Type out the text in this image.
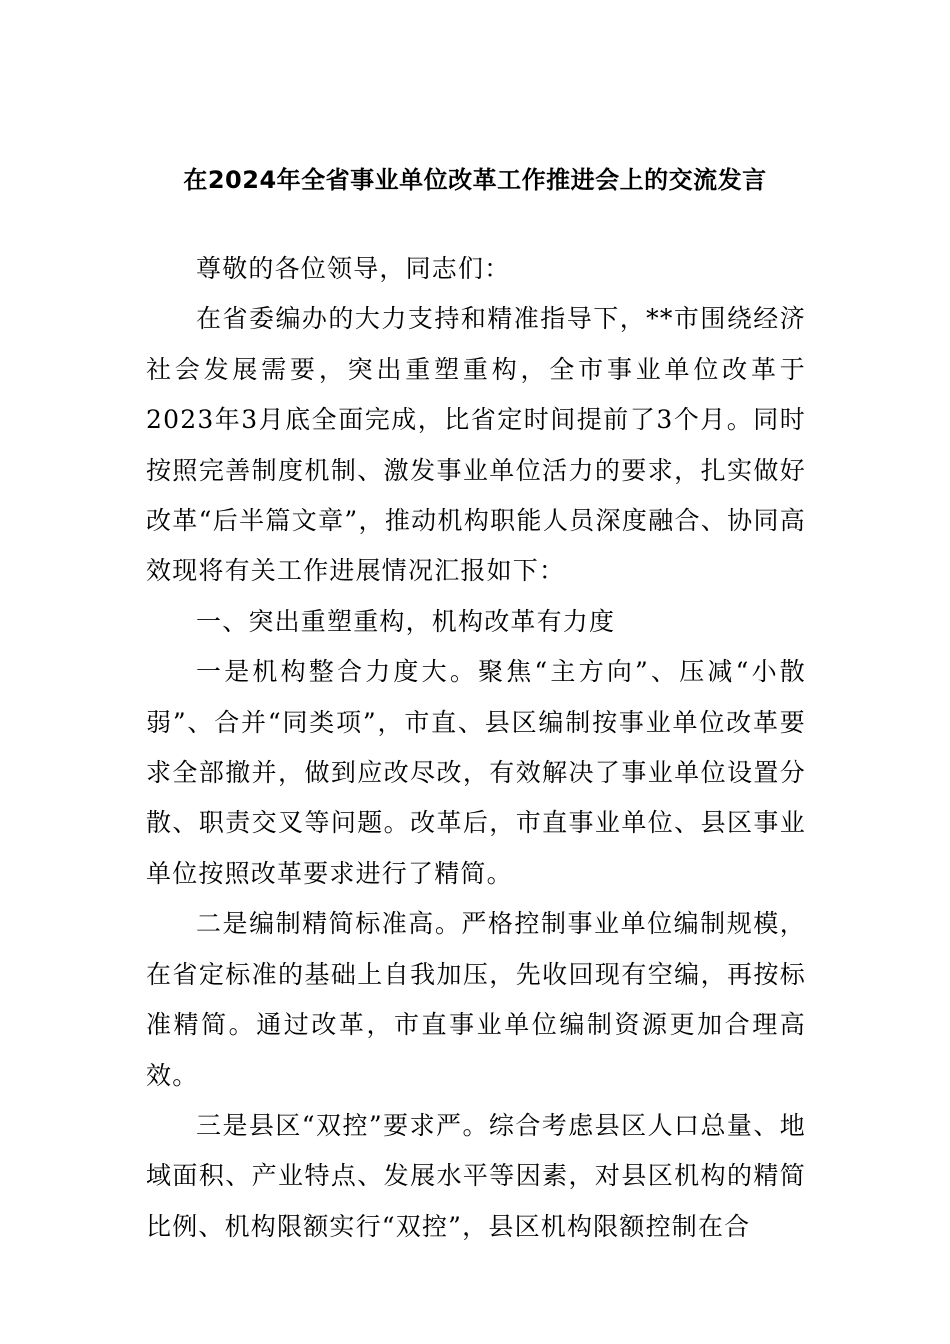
在2024年全省事业单位改革工作推进会上的交流发言

尊敬的各位领导，同志们：

在省委编办的大力支持和精准指导下，**市围绕经济社会发展需要，突出重塑重构，全市事业单位改革于2023年3月底全面完成，比省定时间提前了3个月。同时按照完善制度机制、激发事业单位活力的要求，扎实做好改革“后半篇文章”，推动机构职能人员深度融合、协同高效现将有关工作进展情况汇报如下：

一、突出重塑重构，机构改革有力度

一是机构整合力度大。聚焦“主方向”、压减“小散弱”、合并“同类项”，市直、县区编制按事业单位改革要求全部撤并，做到应改尽改，有效解决了事业单位设置分散、职责交叉等问题。改革后，市直事业单位、县区事业单位按照改革要求进行了精简。

二是编制精简标准高。严格控制事业单位编制规模，在省定标准的基础上自我加压，先收回现有空编，再按标准精简。通过改革，市直事业单位编制资源更加合理高效。

三是县区“双控”要求严。综合考虑县区人口总量、地域面积、产业特点、发展水平等因素，对县区机构的精简比例、机构限额实行“双控”，县区机构限额控制在合
